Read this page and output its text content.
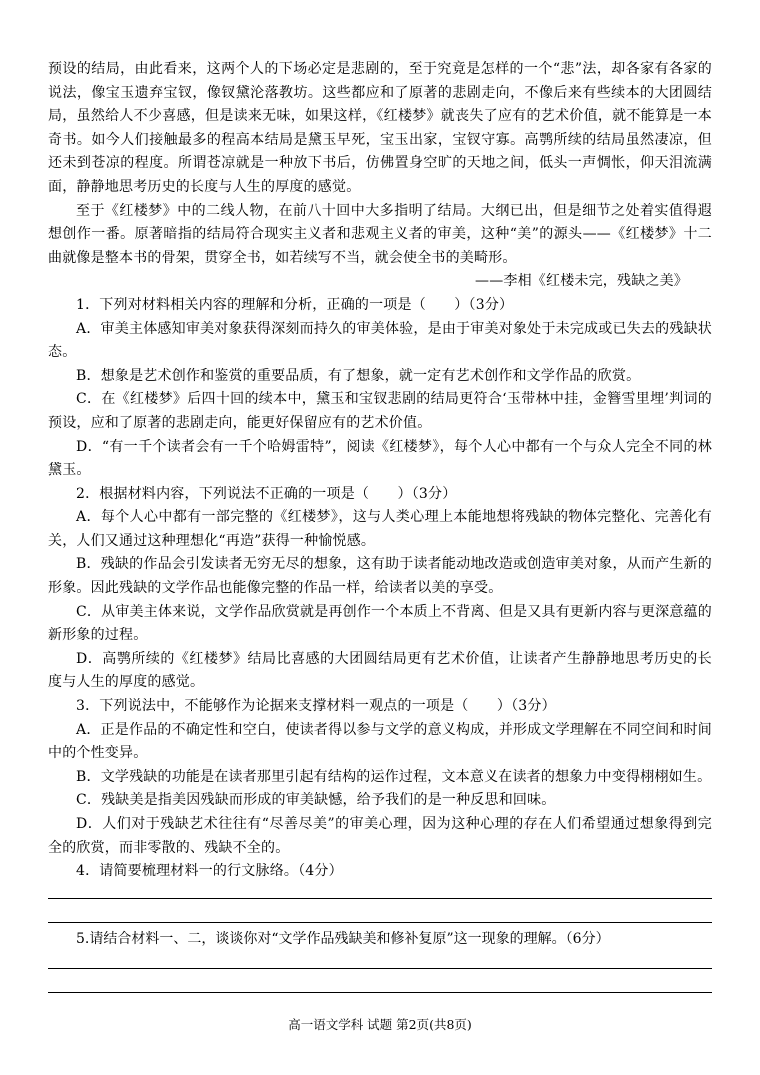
预设的结局，由此看来，这两个人的下场必定是悲剧的，至于究竟是怎样的一个“悲”法，却各家有各家的说法，像宝玉遗弃宝钗，像钗黛沦落教坊。这些都应和了原著的悲剧走向，不像后来有些续本的大团圆结局，虽然给人不少喜感，但是读来无味，如果这样，《红楼梦》就丧失了应有的艺术价值，就不能算是一本奇书。如今人们接触最多的程高本结局是黛玉早死，宝玉出家，宝钗守寡。高鹗所续的结局虽然凄凉，但还未到苍凉的程度。所谓苍凉就是一种放下书后，仿佛置身空旷的天地之间，低头一声惆怅，仰天泪流满面，静静地思考历史的长度与人生的厚度的感觉。

至于《红楼梦》中的二线人物，在前八十回中大多指明了结局。大纲已出，但是细节之处着实值得遐想创作一番。原著暗指的结局符合现实主义者和悲观主义者的审美，这种“美”的源头——《红楼梦》十二曲就像是整本书的骨架，贯穿全书，如若续写不当，就会使全书的美畸形。

——李相《红楼未完，残缺之美》

1．下列对材料相关内容的理解和分析，正确的一项是（　　）（3分）

A．审美主体感知审美对象获得深刻而持久的审美体验，是由于审美对象处于未完成或已失去的残缺状态。

B．想象是艺术创作和鉴赏的重要品质，有了想象，就一定有艺术创作和文学作品的欣赏。

C．在《红楼梦》后四十回的续本中，黛玉和宝钗悲剧的结局更符合‘玉带林中挂，金簪雪里埋’判词的预设，应和了原著的悲剧走向，能更好保留应有的艺术价值。

D．“有一千个读者会有一千个哈姆雷特”，阅读《红楼梦》，每个人心中都有一个与众人完全不同的林黛玉。

2．根据材料内容，下列说法不正确的一项是（　　）（3分）

A．每个人心中都有一部完整的《红楼梦》，这与人类心理上本能地想将残缺的物体完整化、完善化有关，人们又通过这种理想化“再造”获得一种愉悦感。

B．残缺的作品会引发读者无穷无尽的想象，这有助于读者能动地改造或创造审美对象，从而产生新的形象。因此残缺的文学作品也能像完整的作品一样，给读者以美的享受。

C．从审美主体来说，文学作品欣赏就是再创作一个本质上不背离、但是又具有更新内容与更深意蕴的新形象的过程。

D．高鹗所续的《红楼梦》结局比喜感的大团圆结局更有艺术价值，让读者产生静静地思考历史的长度与人生的厚度的感觉。

3．下列说法中，不能够作为论据来支撑材料一观点的一项是（　　）（3分）

A．正是作品的不确定性和空白，使读者得以参与文学的意义构成，并形成文学理解在不同空间和时间中的个性变异。

B．文学残缺的功能是在读者那里引起有结构的运作过程，文本意义在读者的想象力中变得栩栩如生。

C．残缺美是指美因残缺而形成的审美缺憾，给予我们的是一种反思和回味。

D．人们对于残缺艺术往往有“尽善尽美”的审美心理，因为这种心理的存在人们希望通过想象得到完全的欣赏，而非零散的、残缺不全的。

4．请简要梳理材料一的行文脉络。（4分）

5.请结合材料一、二，谈谈你对“文学作品残缺美和修补复原”这一现象的理解。（6分）
高一语文学科 试题 第2页(共8页)
